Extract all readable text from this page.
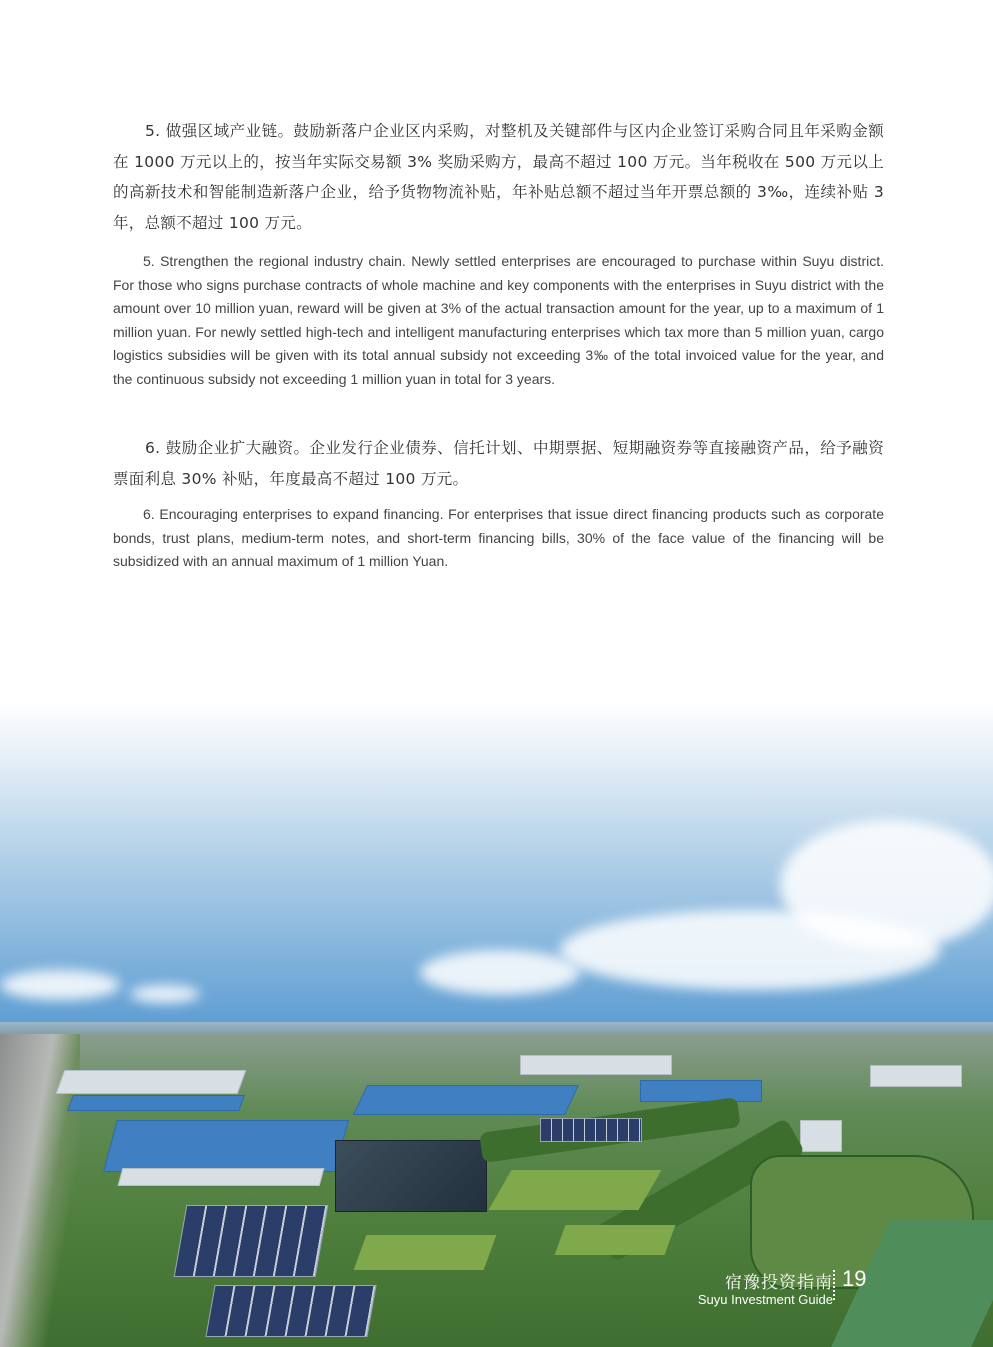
5. 做强区域产业链。鼓励新落户企业区内采购，对整机及关键部件与区内企业签订采购合同且年采购金额在 1000 万元以上的，按当年实际交易额 3% 奖励采购方，最高不超过 100 万元。当年税收在 500 万元以上的高新技术和智能制造新落户企业，给予货物物流补贴，年补贴总额不超过当年开票总额的 3‰，连续补贴 3 年，总额不超过 100 万元。

5. Strengthen the regional industry chain. Newly settled enterprises are encouraged to purchase within Suyu district. For those who signs purchase contracts of whole machine and key components with the enterprises in Suyu district with the amount over 10 million yuan, reward will be given at 3% of the actual transaction amount for the year, up to a maximum of 1 million yuan. For newly settled high-tech and intelligent manufacturing enterprises which tax more than 5 million yuan, cargo logistics subsidies will be given with its total annual subsidy not exceeding 3‰ of the total invoiced value for the year, and the continuous subsidy not exceeding 1 million yuan in total for 3 years.

6. 鼓励企业扩大融资。企业发行企业债券、信托计划、中期票据、短期融资券等直接融资产品，给予融资票面利息 30% 补贴，年度最高不超过 100 万元。

6. Encouraging enterprises to expand financing. For enterprises that issue direct financing products such as corporate bonds, trust plans, medium-term notes, and short-term financing bills, 30% of the face value of the financing will be subsidized with an annual maximum of 1 million Yuan.

宿豫投资指南
Suyu Investment Guide
19
